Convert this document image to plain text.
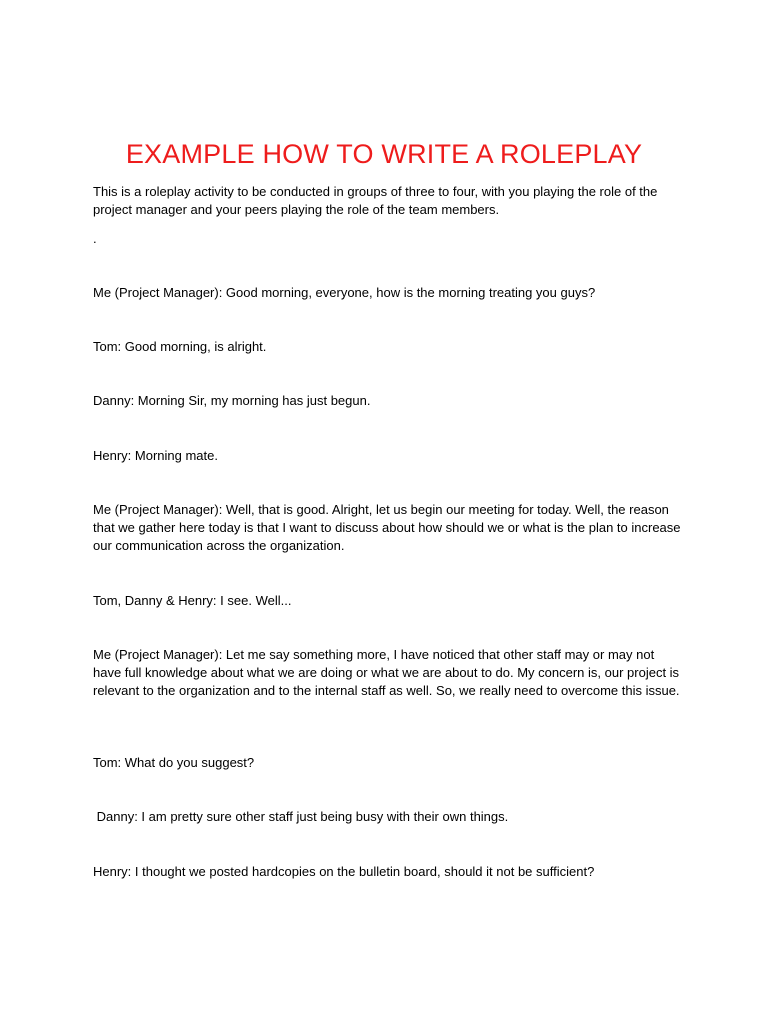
EXAMPLE HOW TO WRITE A ROLEPLAY
This is a roleplay activity to be conducted in groups of three to four, with you playing the role of the project manager and your peers playing the role of the team members.
.
Me (Project Manager): Good morning, everyone, how is the morning treating you guys?
Tom: Good morning, is alright.
Danny: Morning Sir, my morning has just begun.
Henry: Morning mate.
Me (Project Manager): Well, that is good. Alright, let us begin our meeting for today. Well, the reason that we gather here today is that I want to discuss about how should we or what is the plan to increase our communication across the organization.
Tom, Danny & Henry: I see. Well...
Me (Project Manager): Let me say something more, I have noticed that other staff may or may not have full knowledge about what we are doing or what we are about to do. My concern is, our project is relevant to the organization and to the internal staff as well. So, we really need to overcome this issue.
Tom: What do you suggest?
Danny: I am pretty sure other staff just being busy with their own things.
Henry: I thought we posted hardcopies on the bulletin board, should it not be sufficient?
